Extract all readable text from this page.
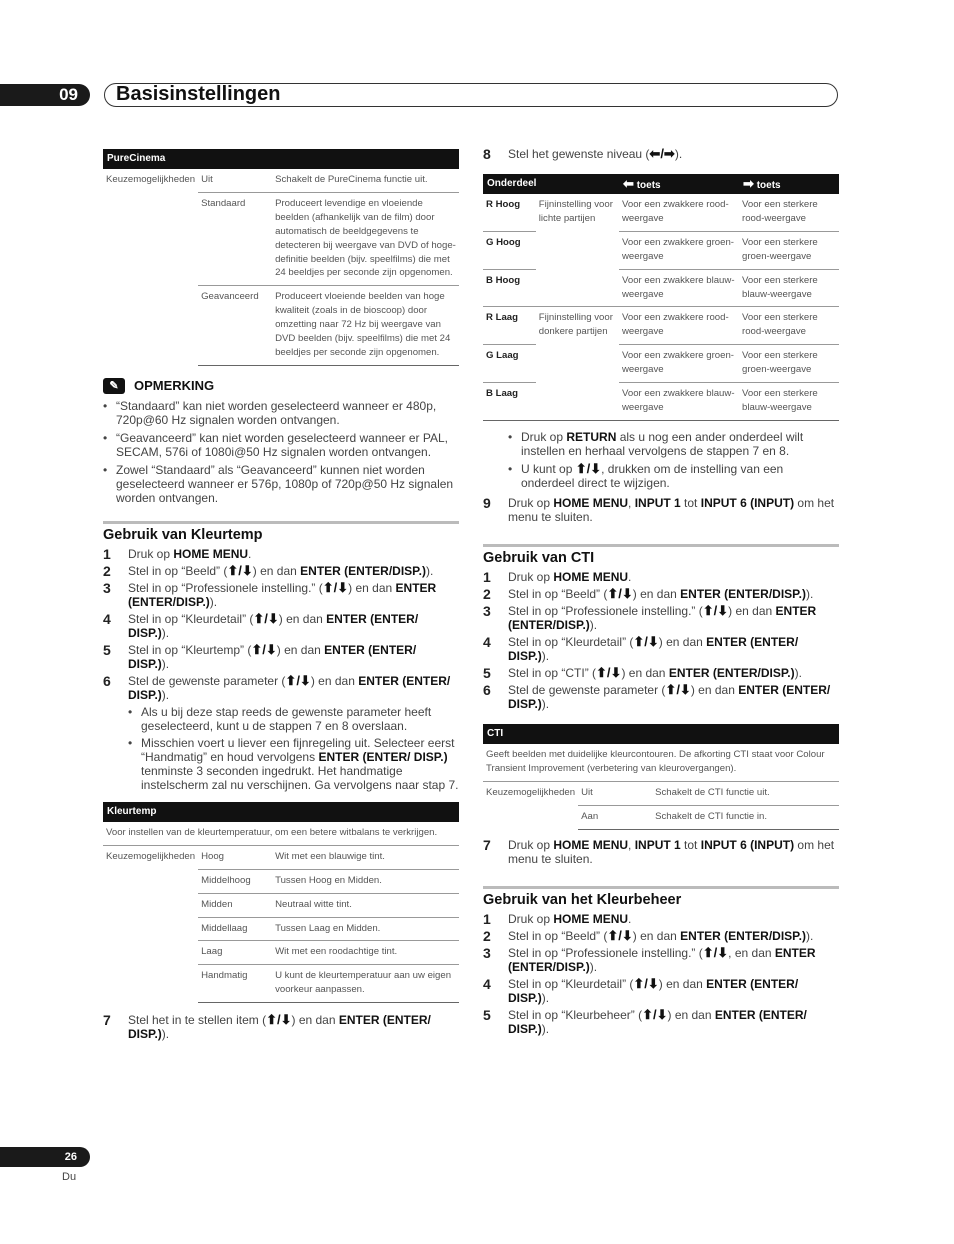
09	Basisinstellingen
PureCinema		
Keuzemogelijkheden	Uit	Schakelt de PureCinema functie uit.
	Standaard	Produceert levendige en vloeiende beelden (afhankelijk van de film) door automatisch de beeldgegevens te detecteren bij weergave van DVD of hoge-definitie beelden (bijv. speelfilms) die met 24 beeldjes per seconde zijn opgenomen.
	Geavanceerd	Produceert vloeiende beelden van hoge kwaliteit (zoals in de bioscoop) door omzetting naar 72 Hz bij weergave van DVD beelden (bijv. speelfilms) die met 24 beeldjes per seconde zijn opgenomen.
✎	OPMERKING
• “Standaard” kan niet worden geselecteerd wanneer er 480p, 720p@60 Hz signalen worden ontvangen.
• “Geavanceerd” kan niet worden geselecteerd wanneer er PAL, SECAM, 576i of 1080i@50 Hz signalen worden ontvangen.
• Zowel “Standaard” als “Geavanceerd” kunnen niet worden geselecteerd wanneer er 576p, 1080p of 720p@50 Hz signalen worden ontvangen.
Gebruik van Kleurtemp
1	Druk op HOME MENU.
2	Stel in op “Beeld” (⬆/⬇) en dan ENTER (ENTER/DISP.)).
3	Stel in op “Professionele instelling.” (⬆/⬇) en dan ENTER (ENTER/DISP.)).
4	Stel in op “Kleurdetail” (⬆/⬇) en dan ENTER (ENTER/ DISP.)).
5	Stel in op “Kleurtemp” (⬆/⬇) en dan ENTER (ENTER/ DISP.)).
6	Stel de gewenste parameter (⬆/⬇) en dan ENTER (ENTER/ DISP.)).
• Als u bij deze stap reeds de gewenste parameter heeft geselecteerd, kunt u de stappen 7 en 8 overslaan.
• Misschien voert u liever een fijnregeling uit. Selecteer eerst “Handmatig” en houd vervolgens ENTER (ENTER/ DISP.) tenminste 3 seconden ingedrukt. Het handmatige instelscherm zal nu verschijnen. Ga vervolgens naar stap 7.
Kleurtemp		
Voor instellen van de kleurtemperatuur, om een betere witbalans te verkrijgen.		
Keuzemogelijkheden	Hoog	Wit met een blauwige tint.
	Middelhoog	Tussen Hoog en Midden.
	Midden	Neutraal witte tint.
	Middellaag	Tussen Laag en Midden.
	Laag	Wit met een roodachtige tint.
	Handmatig	U kunt de kleurtemperatuur aan uw eigen voorkeur aanpassen.
7	Stel het in te stellen item (⬆/⬇) en dan ENTER (ENTER/ DISP.)).
8	Stel het gewenste niveau (⬅/➡).
Onderdeel		⬅ toets	➡ toets
R Hoog	Fijninstelling voor lichte partijen	Voor een zwakkere rood-weergave	Voor een sterkere rood-weergave
G Hoog		Voor een zwakkere groen-weergave	Voor een sterkere groen-weergave
B Hoog		Voor een zwakkere blauw-weergave	Voor een sterkere blauw-weergave
R Laag	Fijninstelling voor donkere partijen	Voor een zwakkere rood-weergave	Voor een sterkere rood-weergave
G Laag		Voor een zwakkere groen-weergave	Voor een sterkere groen-weergave
B Laag		Voor een zwakkere blauw-weergave	Voor een sterkere blauw-weergave
• Druk op RETURN als u nog een ander onderdeel wilt instellen en herhaal vervolgens de stappen 7 en 8.
• U kunt op ⬆/⬇, drukken om de instelling van een onderdeel direct te wijzigen.
9	Druk op HOME MENU, INPUT 1 tot INPUT 6 (INPUT) om het menu te sluiten.
Gebruik van CTI
1	Druk op HOME MENU.
2	Stel in op “Beeld” (⬆/⬇) en dan ENTER (ENTER/DISP.)).
3	Stel in op “Professionele instelling.” (⬆/⬇) en dan ENTER (ENTER/DISP.)).
4	Stel in op “Kleurdetail” (⬆/⬇) en dan ENTER (ENTER/ DISP.)).
5	Stel in op “CTI” (⬆/⬇) en dan ENTER (ENTER/DISP.)).
6	Stel de gewenste parameter (⬆/⬇) en dan ENTER (ENTER/ DISP.)).
CTI		
Geeft beelden met duidelijke kleurcontouren. De afkorting CTI staat voor Colour Transient Improvement (verbetering van kleurovergangen).		
Keuzemogelijkheden	Uit	Schakelt de CTI functie uit.
	Aan	Schakelt de CTI functie in.
7	Druk op HOME MENU, INPUT 1 tot INPUT 6 (INPUT) om het menu te sluiten.
Gebruik van het Kleurbeheer
1	Druk op HOME MENU.
2	Stel in op “Beeld” (⬆/⬇) en dan ENTER (ENTER/DISP.)).
3	Stel in op “Professionele instelling.” (⬆/⬇, en dan ENTER (ENTER/DISP.)).
4	Stel in op “Kleurdetail” (⬆/⬇) en dan ENTER (ENTER/ DISP.)).
5	Stel in op “Kleurbeheer” (⬆/⬇) en dan ENTER (ENTER/ DISP.)).
26
Du
